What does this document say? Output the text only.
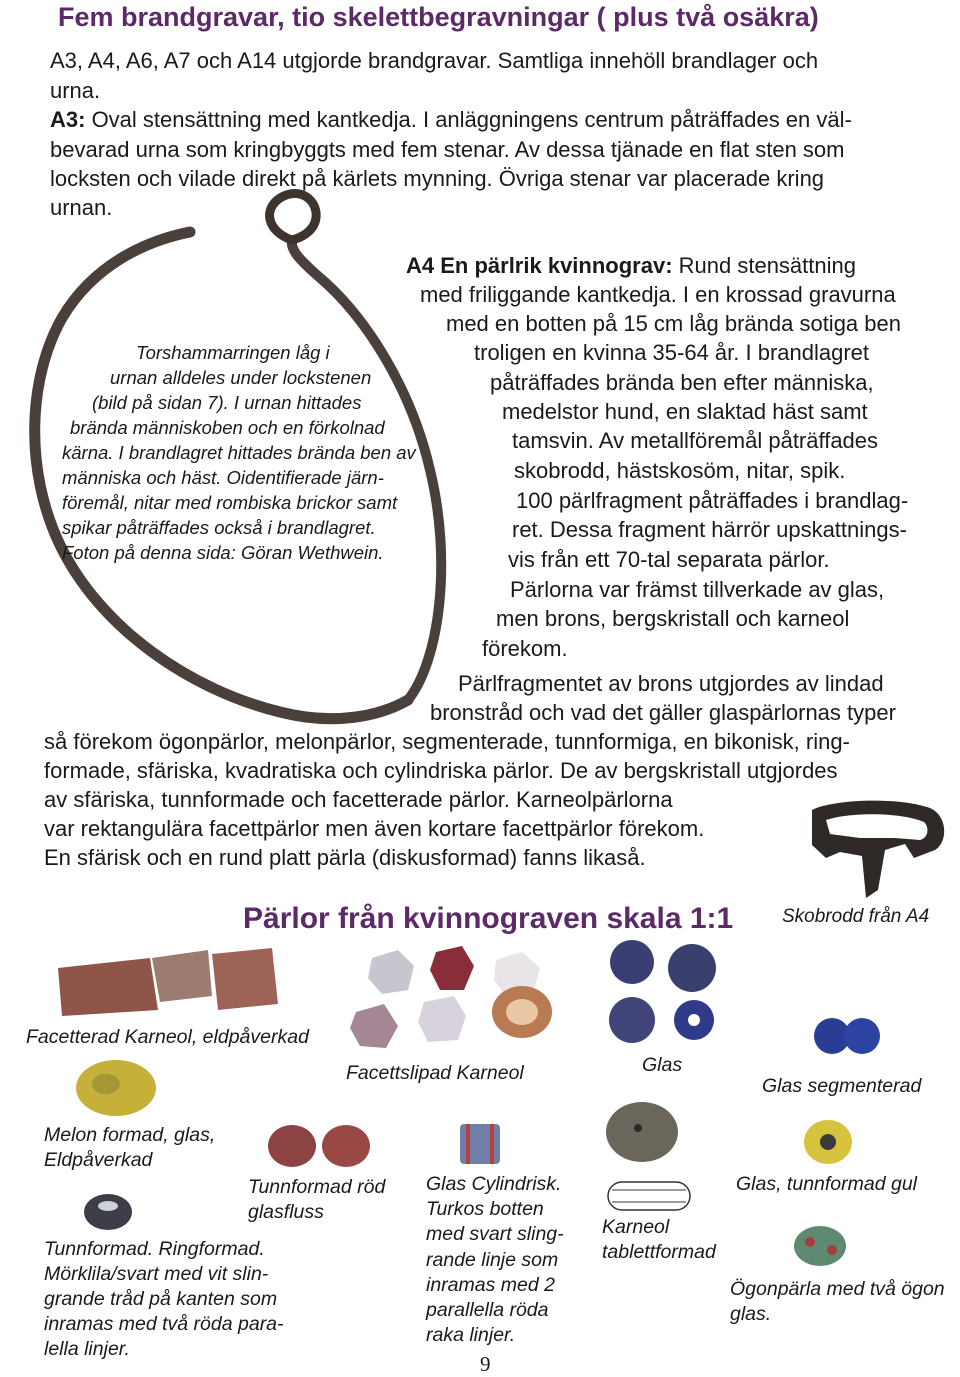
Fem brandgravar, tio skelettbegravningar ( plus två osäkra)
A3, A4, A6, A7 och A14 utgjorde brandgravar. Samtliga innehöll brandlager och
urna.
A3: Oval stensättning med kantkedja. I anläggningens centrum påträffades en väl-
bevarad urna som kringbyggts med fem stenar. Av dessa tjänade en flat sten som
locksten och vilade direkt på kärlets mynning. Övriga stenar var placerade kring
urnan.
A4 En pärlrik kvinnograv: Rund stensättning
med friliggande kantkedja. I en krossad gravurna
med en botten på 15 cm låg brända sotiga ben
troligen en kvinna 35-64 år. I brandlagret
påträffades brända ben efter människa,
medelstor hund, en slaktad häst samt
tamsvin. Av metallföremål påträffades
skobrodd, hästskosöm, nitar, spik.
100 pärlfragment påträffades i brandlag-
ret. Dessa fragment härrör upskattnings-
vis från ett 70-tal separata pärlor.
Pärlorna var främst tillverkade av glas,
men brons, bergskristall och karneol
förekom.
Pärlfragmentet av brons utgjordes av lindad
bronstråd och vad det gäller glaspärlornas typer
så förekom ögonpärlor, melonpärlor, segmenterade, tunnformiga, en bikonisk, ring-
formade, sfäriska, kvadratiska och cylindriska pärlor. De av bergskristall utgjordes
av sfäriska, tunnformade och facetterade pärlor. Karneolpärlorna
var rektangulära facettpärlor men även kortare facettpärlor förekom.
En sfärisk och en rund platt pärla (diskusformad) fanns likaså.
Torshammarringen låg i
urnan alldeles under lockstenen
(bild på sidan 7). I urnan hittades
brända människoben och en förkolnad
kärna. I brandlagret hittades brända ben av
människa och häst. Oidentifierade järn-
föremål, nitar med rombiska brickor samt
spikar påträffades också i brandlagret.
Foton på denna sida: Göran Wethwein.
Pärlor från kvinnograven skala 1:1	Skobrodd från A4
Facetterad Karneol, eldpåverkad
Facettslipad Karneol	Glas
Glas segmenterad
Melon formad, glas,
Eldpåverkad
Tunnformad röd
glasfluss
Glas Cylindrisk.
Turkos botten
med svart sling-
rande linje som
inramas med 2
parallella röda
raka linjer.
Karneol
tablettformad
Glas, tunnformad gul
Tunnformad. Ringformad.
Mörklila/svart med vit slin-
grande tråd på kanten som
inramas med två röda para-
lella linjer.
Ögonpärla med två ögon
glas.
9
